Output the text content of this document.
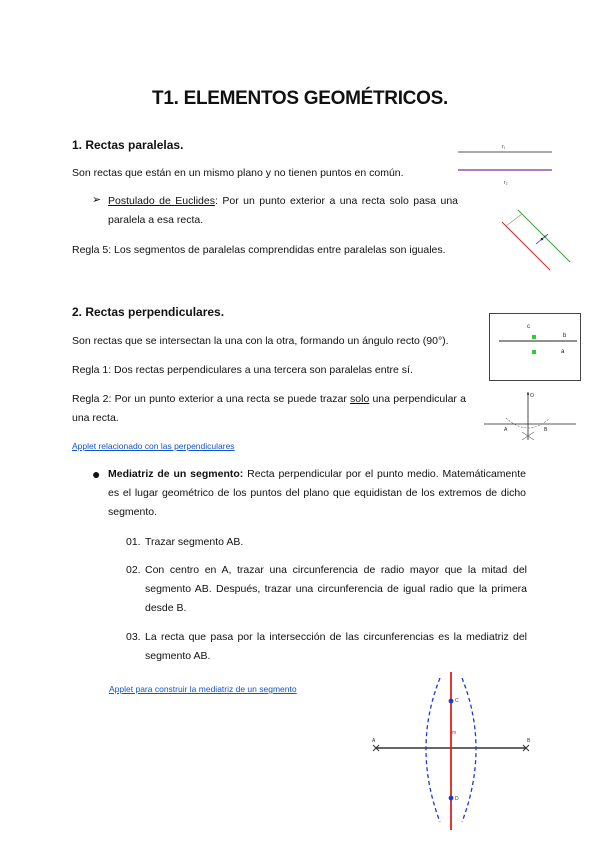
T1. ELEMENTOS GEOMÉTRICOS.
1. Rectas paralelas.
Son rectas que están en un mismo plano y no tienen puntos en común.
➢ Postulado de Euclides: Por un punto exterior a una recta solo pasa una paralela a esa recta.
Regla 5: Los segmentos de paralelas comprendidas entre paralelas son iguales.
r₁
r₂
P
2. Rectas perpendiculares.
Son rectas que se intersectan la una con la otra, formando un ángulo recto (90°).
Regla 1: Dos rectas perpendiculares a una tercera son paralelas entre sí.
Regla 2: Por un punto exterior a una recta se puede trazar solo una perpendicular a una recta.
Applet relacionado con las perpendiculares
c
b
a
O
A	B
● Mediatriz de un segmento: Recta perpendicular por el punto medio. Matemáticamente es el lugar geométrico de los puntos del plano que equidistan de los extremos de dicho segmento.
01. Trazar segmento AB.
02. Con centro en A, trazar una circunferencia de radio mayor que la mitad del segmento AB. Después, trazar una circunferencia de igual radio que la primera desde B.
03. La recta que pasa por la intersección de las circunferencias es la mediatriz del segmento AB.
Applet para construir la mediatriz de un segmento
A	B
C
D
m
